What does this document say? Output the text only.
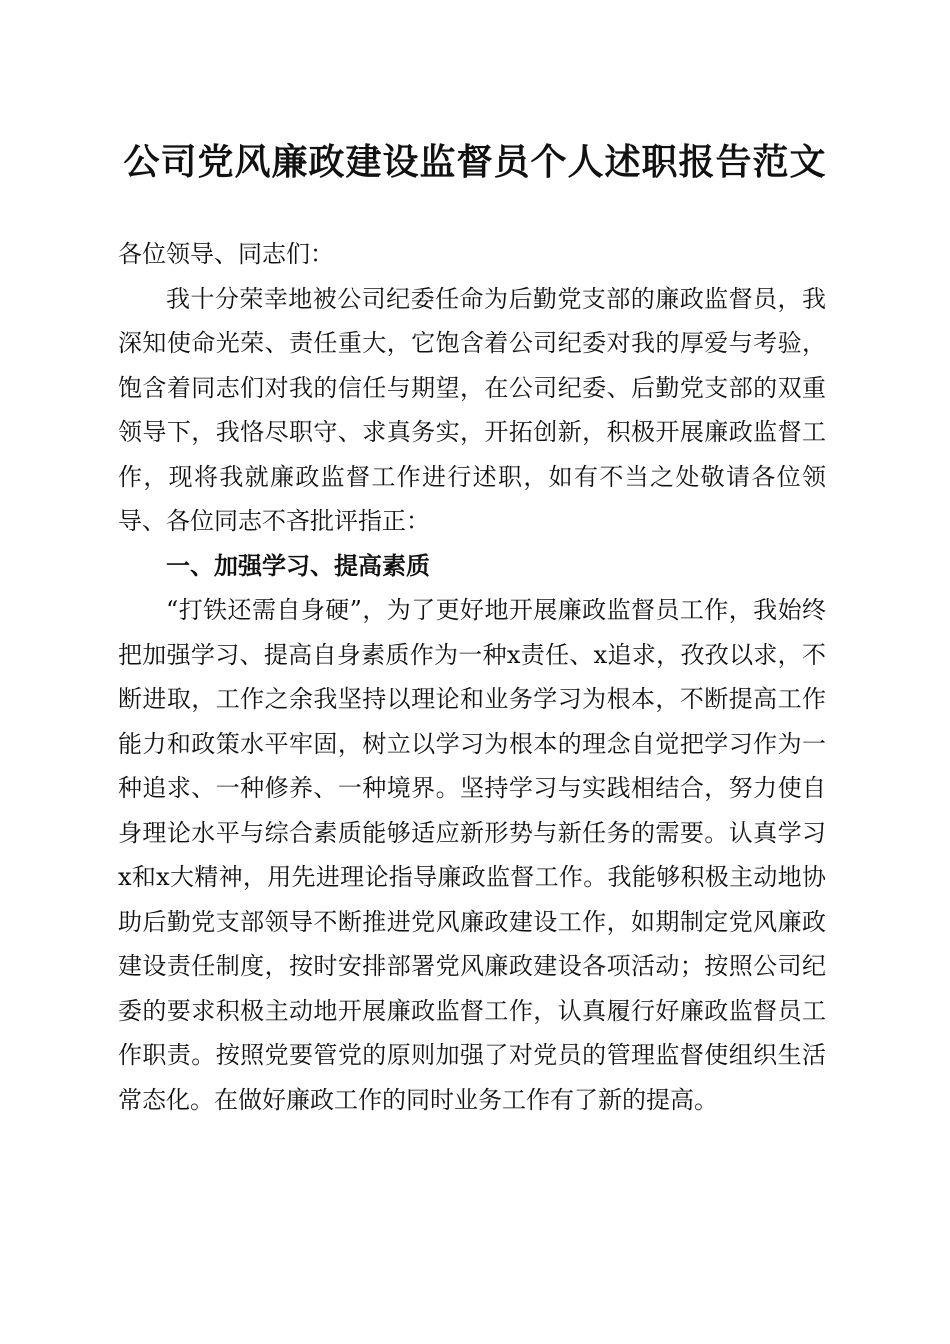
公司党风廉政建设监督员个人述职报告范文

各位领导、同志们：

我十分荣幸地被公司纪委任命为后勤党支部的廉政监督员，我深知使命光荣、责任重大，它饱含着公司纪委对我的厚爱与考验，饱含着同志们对我的信任与期望，在公司纪委、后勤党支部的双重领导下，我恪尽职守、求真务实，开拓创新，积极开展廉政监督工作，现将我就廉政监督工作进行述职，如有不当之处敬请各位领导、各位同志不吝批评指正：

一、加强学习、提高素质

“打铁还需自身硬”，为了更好地开展廉政监督员工作，我始终把加强学习、提高自身素质作为一种x责任、x追求，孜孜以求，不断进取，工作之余我坚持以理论和业务学习为根本，不断提高工作能力和政策水平牢固，树立以学习为根本的理念自觉把学习作为一种追求、一种修养、一种境界。坚持学习与实践相结合，努力使自身理论水平与综合素质能够适应新形势与新任务的需要。认真学习x和x大精神，用先进理论指导廉政监督工作。我能够积极主动地协助后勤党支部领导不断推进党风廉政建设工作，如期制定党风廉政建设责任制度，按时安排部署党风廉政建设各项活动；按照公司纪委的要求积极主动地开展廉政监督工作，认真履行好廉政监督员工作职责。按照党要管党的原则加强了对党员的管理监督使组织生活常态化。在做好廉政工作的同时业务工作有了新的提高。
